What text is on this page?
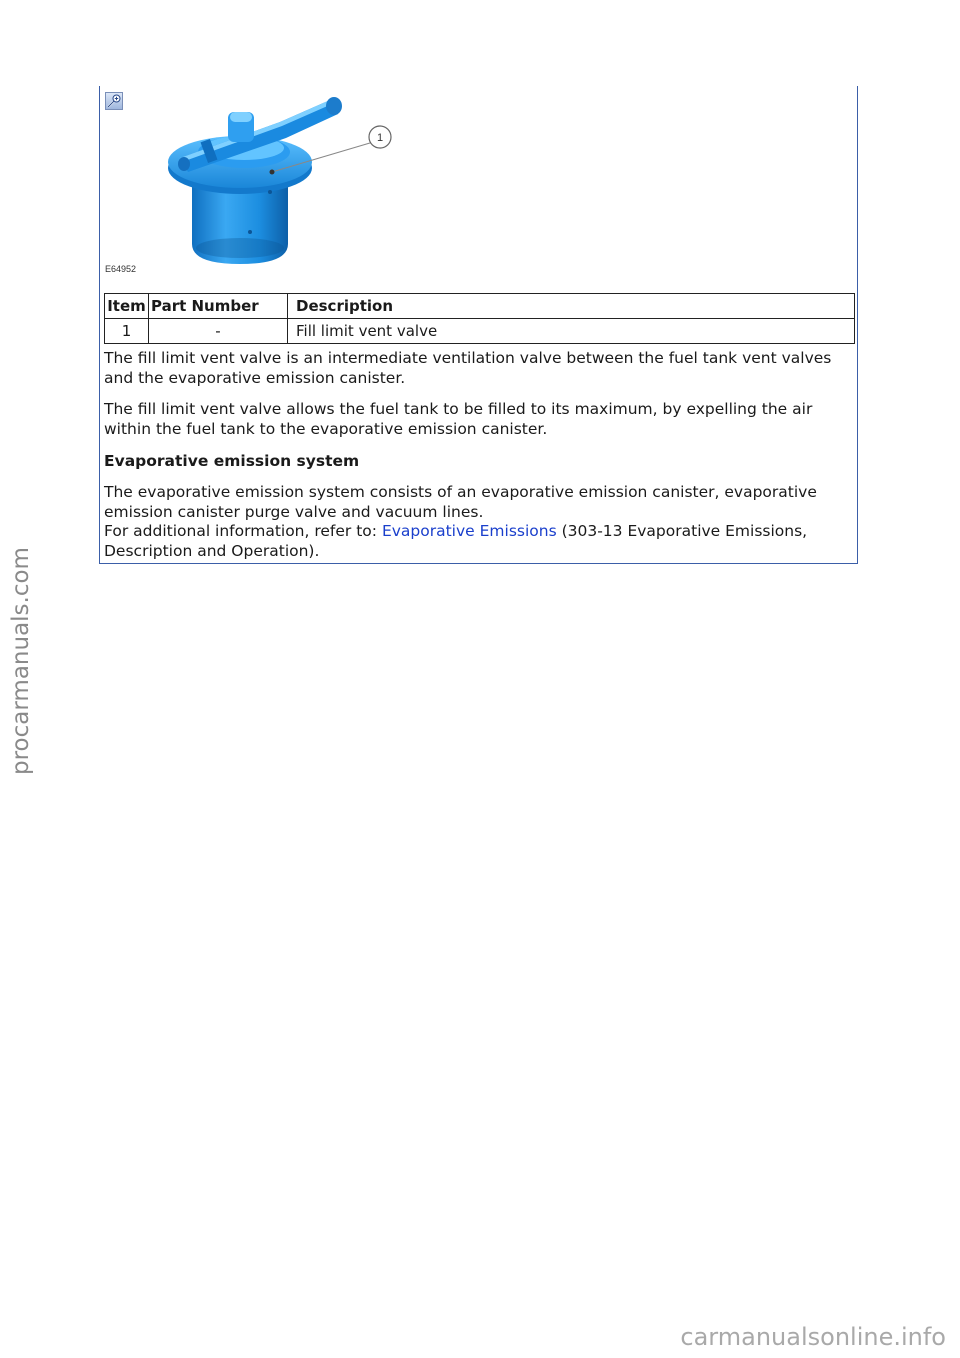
1
E64952
Item	Part Number	Description
1	-	Fill limit vent valve

The fill limit vent valve is an intermediate ventilation valve between the fuel tank vent valves and the evaporative emission canister.

The fill limit vent valve allows the fuel tank to be filled to its maximum, by expelling the air within the fuel tank to the evaporative emission canister.

Evaporative emission system

The evaporative emission system consists of an evaporative emission canister, evaporative emission canister purge valve and vacuum lines.
For additional information, refer to: Evaporative Emissions (303-13 Evaporative Emissions, Description and Operation).

procarmanuals.com
carmanualsonline.info
